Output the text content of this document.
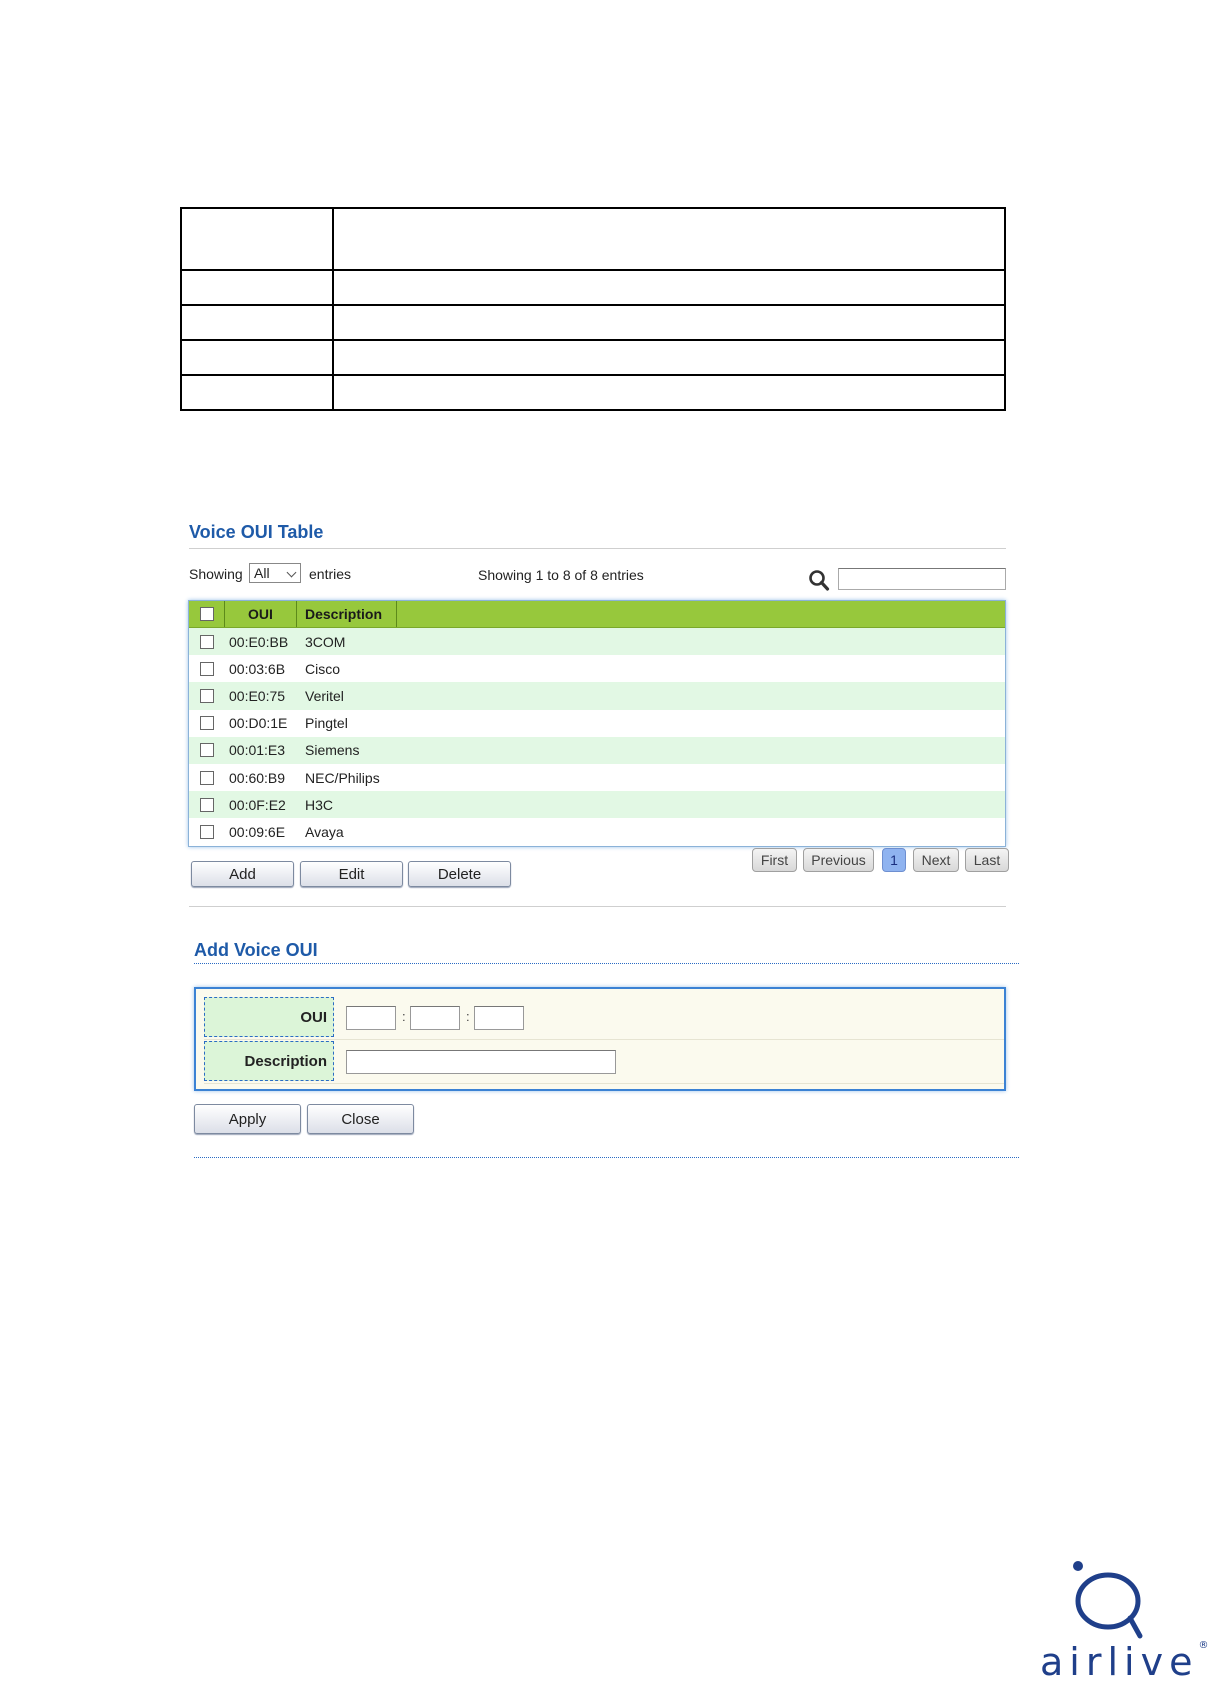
Voice OUI Table
Showing All	entries	Showing 1 to 8 of 8 entries
OUI	Description
00:E0:BB	3COM
00:03:6B	Cisco
00:E0:75	Veritel
00:D0:1E	Pingtel
00:01:E3	Siemens
00:60:B9	NEC/Philips
00:0F:E2	H3C
00:09:6E	Avaya
Add	Edit	Delete
First	Previous	1	Next	Last
Add Voice OUI
OUI	:	:
Description
Apply	Close
airlive®
